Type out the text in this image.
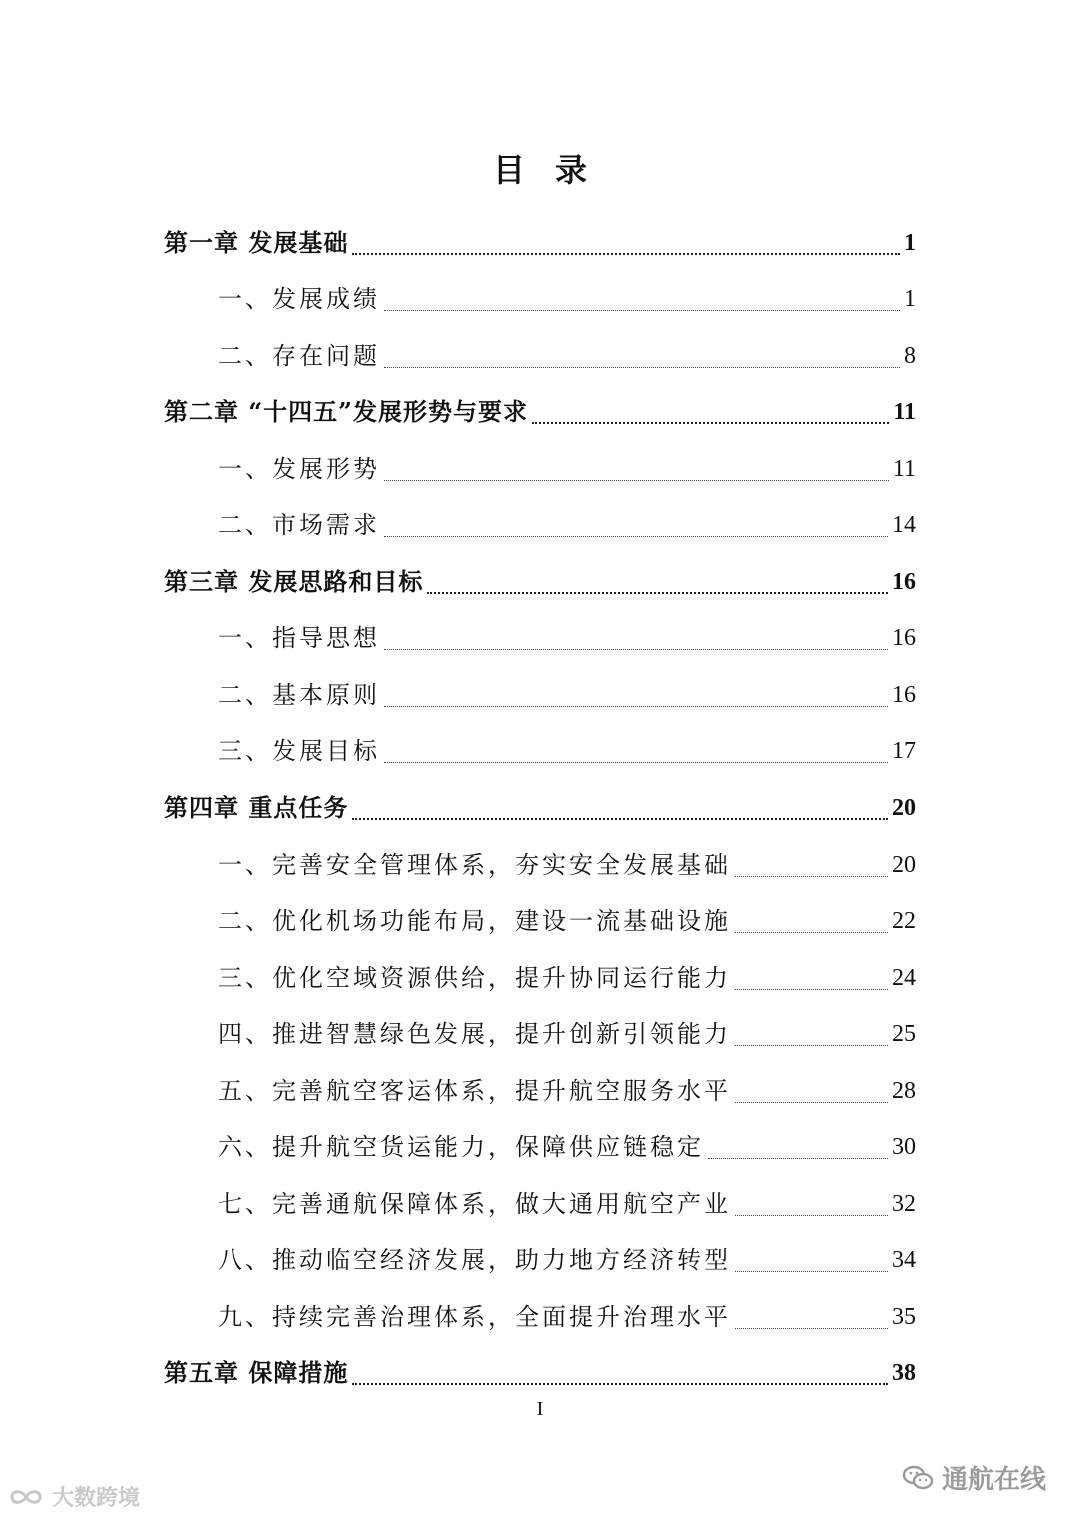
目录
第一章 发展基础	1
一、发展成绩	1
二、存在问题	8
第二章 “十四五”发展形势与要求	11
一、发展形势	11
二、市场需求	14
第三章 发展思路和目标	16
一、指导思想	16
二、基本原则	16
三、发展目标	17
第四章 重点任务	20
一、完善安全管理体系，夯实安全发展基础	20
二、优化机场功能布局，建设一流基础设施	22
三、优化空域资源供给，提升协同运行能力	24
四、推进智慧绿色发展，提升创新引领能力	25
五、完善航空客运体系，提升航空服务水平	28
六、提升航空货运能力，保障供应链稳定	30
七、完善通航保障体系，做大通用航空产业	32
八、推动临空经济发展，助力地方经济转型	34
九、持续完善治理体系，全面提升治理水平	35
第五章 保障措施	38
I
大数跨境
通航在线
